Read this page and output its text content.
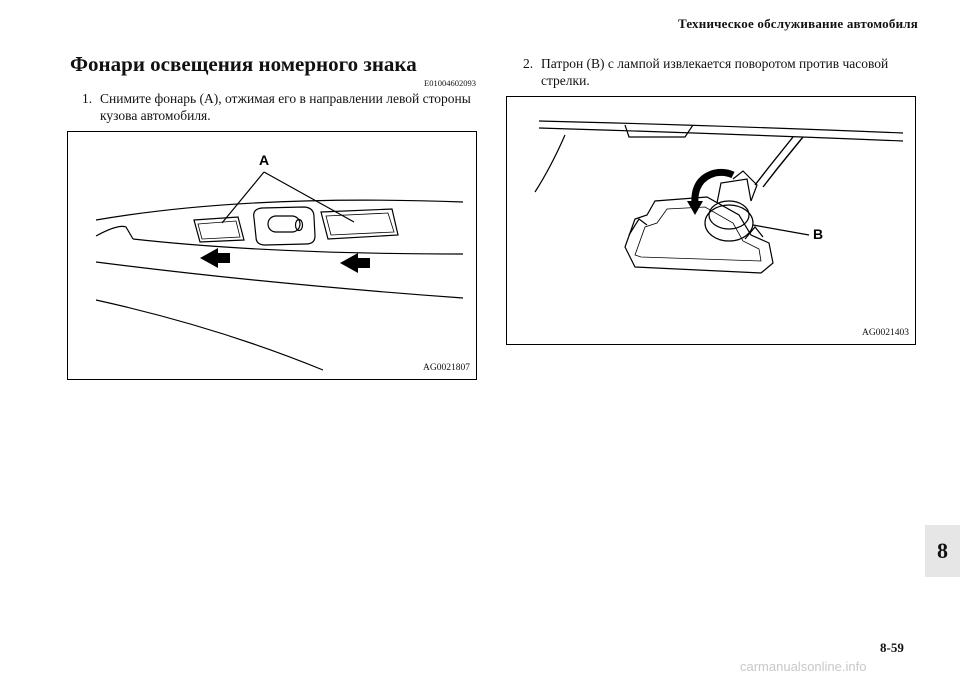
Техническое обслуживание автомобиля
Фонари освещения номерного знака
E01004602093
1. Снимите фонарь (A), отжимая его в направлении левой стороны кузова автомобиля.
2. Патрон (B) с лампой извлекается поворотом против часовой стрелки.
A
AG0021807
B
AG0021403
8
8-59
carmanualsonline.info
